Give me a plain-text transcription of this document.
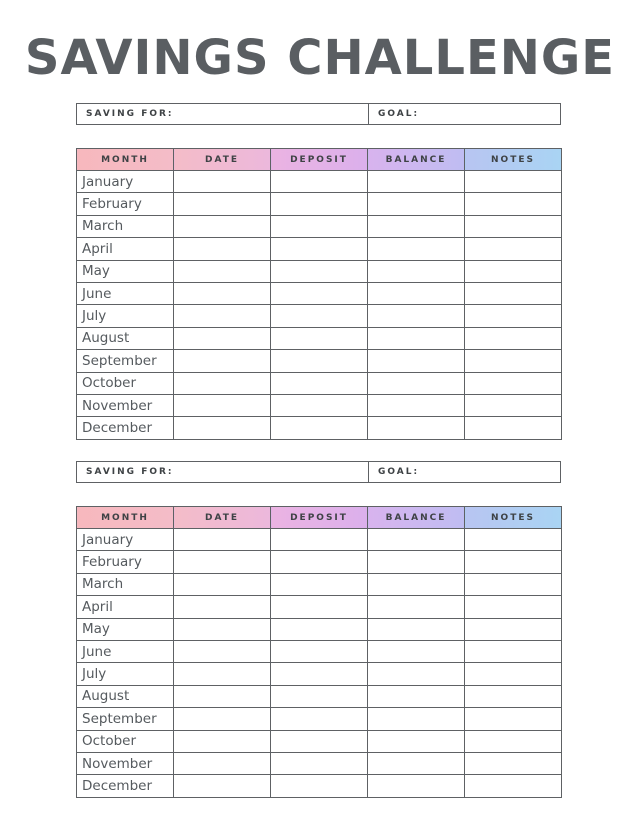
SAVINGS CHALLENGE
SAVING FOR:	GOAL:
MONTH	DATE	DEPOSIT	BALANCE	NOTES
January				
February				
March				
April				
May				
June				
July				
August				
September				
October				
November				
December				
SAVING FOR:	GOAL:
MONTH	DATE	DEPOSIT	BALANCE	NOTES
January				
February				
March				
April				
May				
June				
July				
August				
September				
October				
November				
December				
